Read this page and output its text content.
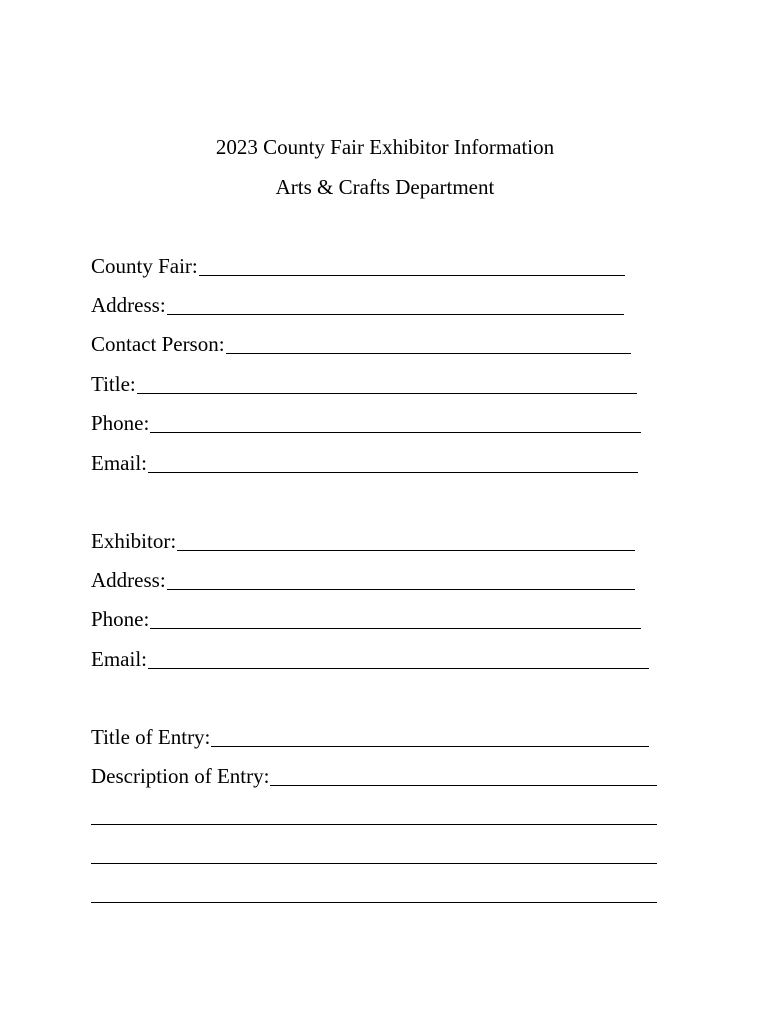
2023 County Fair Exhibitor Information
Arts & Crafts Department
County Fair:
Address:
Contact Person:
Title:
Phone:
Email:
Exhibitor:
Address:
Phone:
Email:
Title of Entry:
Description of Entry:
